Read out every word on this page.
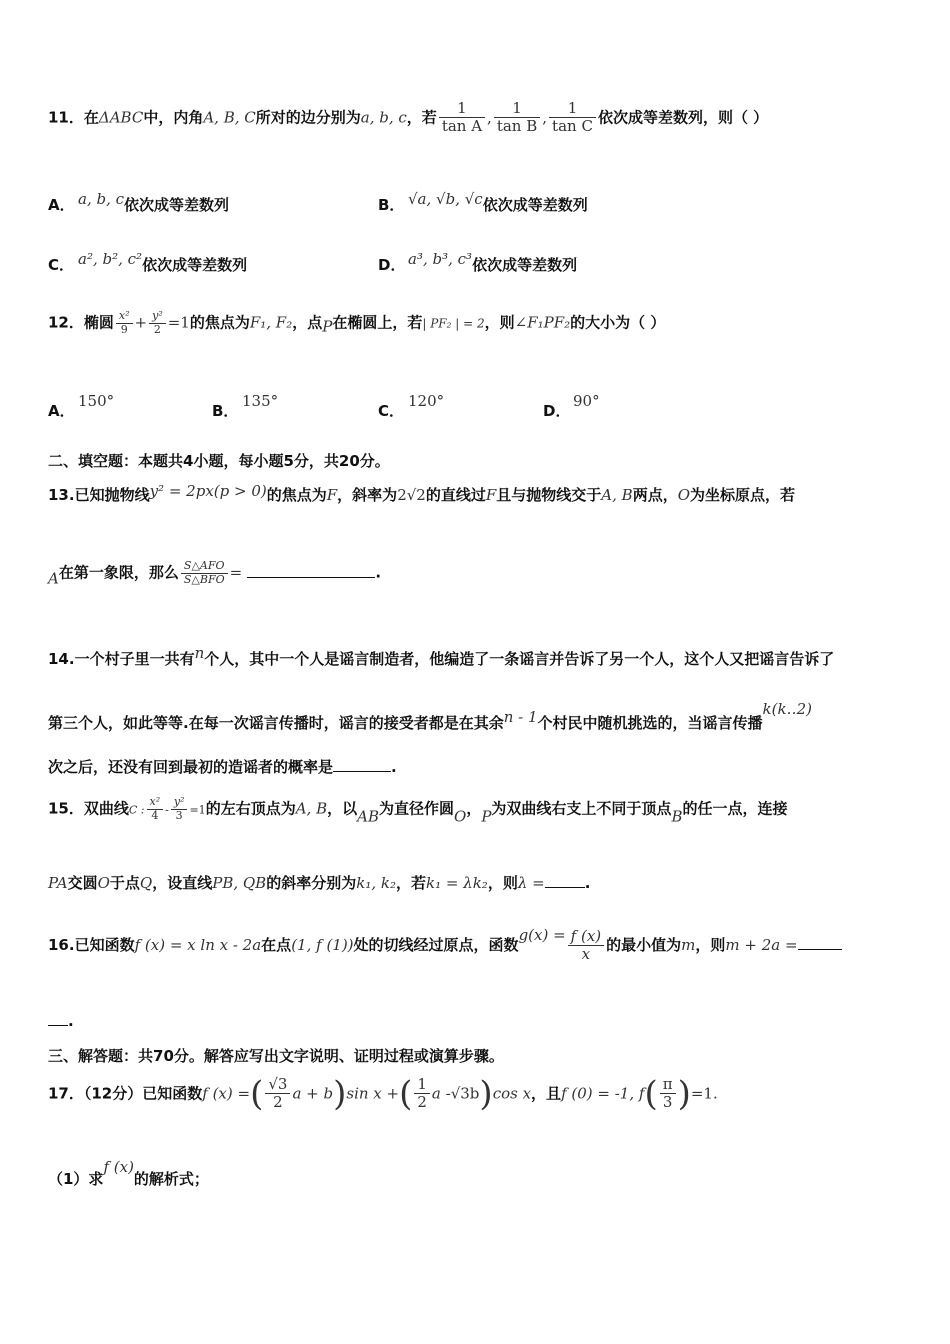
11．在ΔABC中，内角A, B, C所对的边分别为a, b, c，若 $\frac{1}{\text{tan A}}$ , $\frac{1}{\text{tan B}}$ , $\frac{1}{\text{tan C}}$ 依次成等差数列，则（ ）
A． a, b, c依次成等差数列	B． √a, √b, √c依次成等差数列
C． a², b², c²依次成等差数列	D． a³, b³, c³依次成等差数列
12．椭圆 $\frac{\text{x²}}{9} + \frac{\text{y²}}{2} =1$的焦点为F₁, F₂，点P在椭圆上，若| PF₂ | = 2，则∠F₁PF₂的大小为（ ）
A．150°
B．135°
C．120°
D．90°
二、填空题：本题共4小题，每小题5分，共20分。
13.已知抛物线y² = 2px(p > 0)的焦点为F，斜率为2√2的直线过F且与抛物线交于A, B两点，O为坐标原点，若
A在第一象限，那么 $\frac{\text{S△AFO}}{\text{S△BFO}}$ =	.
14.一个村子里一共有n个人，其中一个人是谣言制造者，他编造了一条谣言并告诉了另一个人，这个人又把谣言告诉了
第三个人，如此等等.在每一次谣言传播时，谣言的接受者都是在其余n - 1个村民中随机挑选的，当谣言传播k(k‥2)
次之后，还没有回到最初的造谣者的概率是	.
15．双曲线C : $\frac{\text{x²}}{4} - \frac{\text{y²}}{3} =1$的左右顶点为A, B，以AB为直径作圆O，P为双曲线右支上不同于顶点B的任一点，连接
PA交圆O于点Q，设直线PB, QB的斜率分别为k₁, k₂，若k₁ = λk₂，则λ =	.
16.已知函数f (x) = x ln x - 2a在点(1, f (1))处的切线经过原点，函数$g(x) = \frac{f (x)}{x}$ 的最小值为m，则m + 2a =
.
三、解答题：共70分。解答应写出文字说明、证明过程或演算步骤。
17．（12分）已知函数f (x) =( $\frac{√3}{2}$ a + b)sin x +( $\frac{1}{2}$ a -√3b)cos x，且f (0) = -1, $f( \frac{\pi}{3} )=1$.
（1）求f (x)的解析式；
